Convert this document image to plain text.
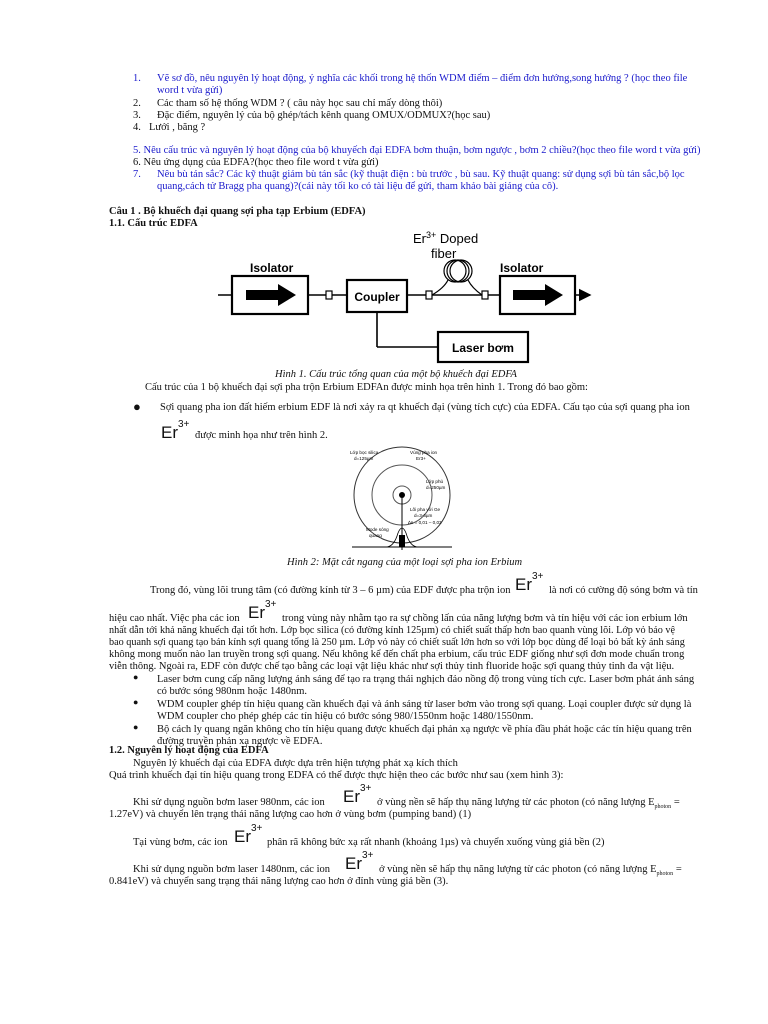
1. Vẽ sơ đồ, nêu nguyên lý hoạt động, ý nghĩa các khối trong hệ thốn WDM điểm – điểm đơn hướng,song hướng ? (học theo file
word t vừa gửi)
2. Các tham số hệ thống WDM ? ( câu này học sau chỉ mấy dòng thôi)
3. Đặc điểm, nguyên lý của bộ ghép/tách kênh quang OMUX/ODMUX?(học sau)
4. Lưới , băng ?
5. Nêu cấu trúc và nguyên lý hoạt động của bộ khuyếch đại EDFA bơm thuận, bơm ngược , bơm 2 chiều?(học theo file word t vừa gửi)
6. Nêu ứng dụng của EDFA?(học theo file word t vừa gửi)
7. Nêu bù tán sắc? Các kỹ thuật giảm bù tán sắc (kỹ thuật điện : bù trước , bù sau. Kỹ thuật quang: sử dụng sợi bù tán sắc,bộ lọc
quang,cách tử Bragg pha quang)?(cái này tối ko có tài liệu để gửi, tham khảo bài giảng của cô).
Câu 1 . Bộ khuếch đại quang sợi pha tạp Erbium (EDFA)
1.1. Cấu trúc EDFA
Isolator
Coupler
$Er^{3+}$ Doped
fiber
Isolator
Laser bơm
Hình 1. Cấu trúc tổng quan của một bộ khuếch đại EDFA
Cấu trúc của 1 bộ khuếch đại sợi pha trộn Erbium EDFAn được minh họa trên hình 1. Trong đó bao gồm:
● Sợi quang pha ion đất hiếm erbium EDF là nơi xảy ra qt khuếch đại (vùng tích cực) của EDFA. Cấu tạo của sợi quang pha ion
$Er^{3+}$
được minh họa như trên hình 2.
Lớp bọc silica
d=125µm
Vùng pha ion
Er3+
Lớp phủ
d=250µm
Lõi pha với Ge
d=3-6µm
∆n = 0,01 – 0,03
Mode sóng
quang
Hình 2: Mặt cắt ngang của một loại sợi pha ion Erbium
Trong đó, vùng lõi trung tâm (có đường kính từ 3 – 6 µm) của EDF được pha trộn ion $Er^{3+}$
là nơi có cường độ sóng bơm và tín
hiệu cao nhất. Việc pha các ion $Er^{3+}$
trong vùng này nhằm tạo ra sự chồng lấn của năng lượng bơm và tín hiệu với các ion erbium lớn
nhất dẫn tới khả năng khuếch đại tốt hơn. Lớp bọc silica (có đường kính 125µm) có chiết suất thấp hơn bao quanh vùng lõi. Lớp vỏ bảo vệ
bao quanh sợi quang tạo bán kính sợi quang tổng là 250 µm. Lớp vỏ này có chiết suất lớn hơn so với lớp bọc dùng để loại bỏ bất kỳ ánh sáng
không mong muốn nào lan truyền trong sợi quang. Nếu không kể đến chất pha erbium, cấu trúc EDF giống như sợi đơn mode chuẩn trong
viễn thông. Ngoài ra, EDF còn được chế tạo bằng các loại vật liệu khác như sợi thủy tinh fluoride hoặc sợi quang thủy tinh đa vật liệu.
● Laser bơm cung cấp năng lượng ánh sáng để tạo ra trạng thái nghịch đảo nồng độ trong vùng tích cực. Laser bơm phát ánh sáng
có bước sóng 980nm hoặc 1480nm.
● WDM coupler ghép tín hiệu quang cần khuếch đại và ánh sáng từ laser bơm vào trong sợi quang. Loại coupler được sử dụng là
WDM coupler cho phép ghép các tín hiệu có bước sóng 980/1550nm hoặc 1480/1550nm.
● Bộ cách ly quang ngăn không cho tín hiệu quang được khuếch đại phản xạ ngược về phía đầu phát hoặc các tín hiệu quang trên
đường truyền phản xạ ngược về EDFA.
1.2. Nguyên lý hoạt động của EDFA
Nguyên lý khuếch đại của EDFA được dựa trên hiện tượng phát xạ kích thích
Quá trình khuếch đại tín hiệu quang trong EDFA có thể được thực hiện theo các bước như sau (xem hình 3):
Khi sử dụng nguồn bơm laser 980nm, các ion $Er^{3+}$
ở vùng nền sẽ hấp thụ năng lượng từ các photon (có năng lượng $E_{photon}$ =
1.27eV) và chuyển lên trạng thái năng lượng cao hơn ở vùng bơm (pumping band) (1)
Tại vùng bơm, các ion $Er^{3+}$
phân rã không bức xạ rất nhanh (khoảng 1µs) và chuyển xuống vùng giả bền (2)
Khi sử dụng nguồn bơm laser 1480nm, các ion $Er^{3+}$
ở vùng nền sẽ hấp thụ năng lượng từ các photon (có năng lượng $E_{photon}$ =
0.841eV) và chuyển sang trạng thái năng lượng cao hơn ở đỉnh vùng giả bền (3).
